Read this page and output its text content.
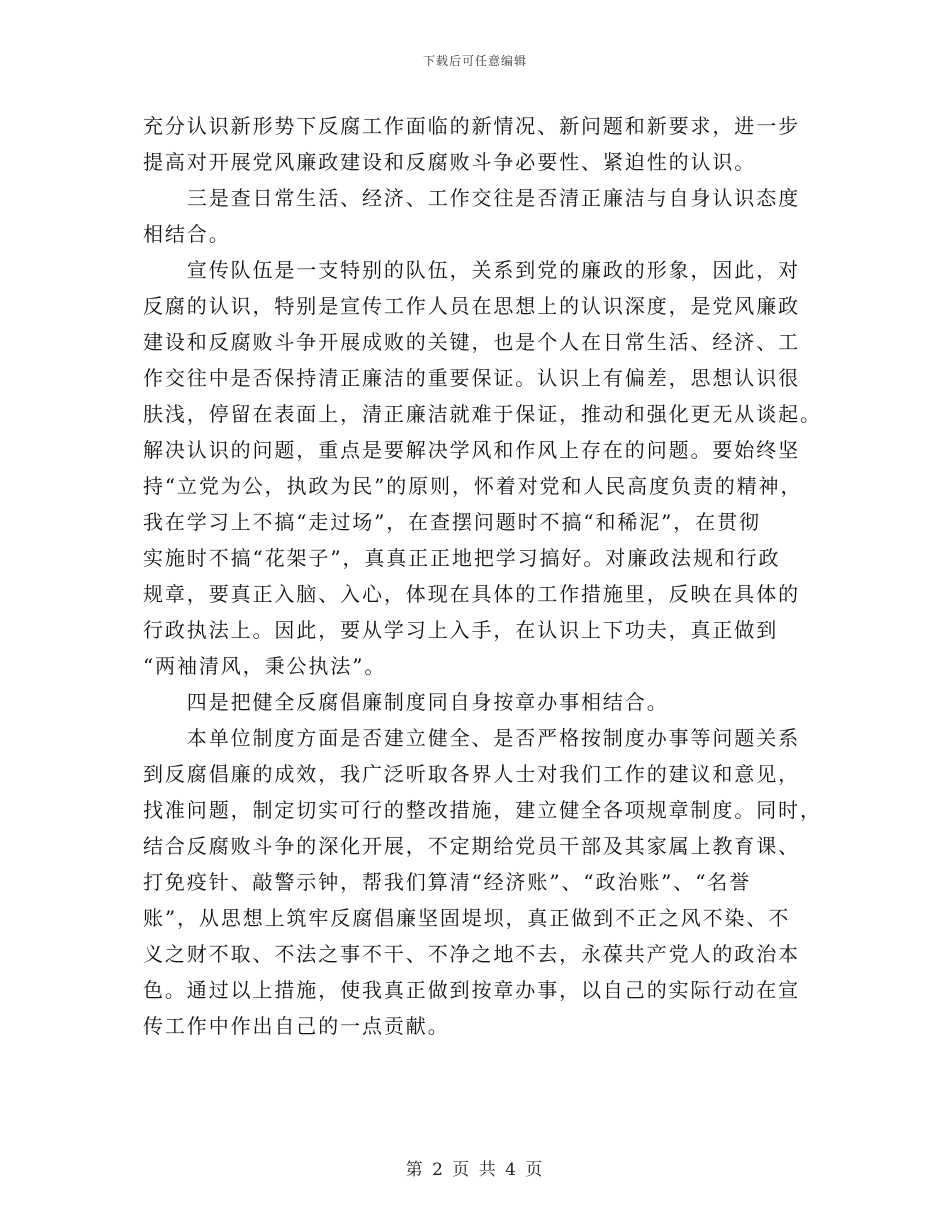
下载后可任意编辑
充分认识新形势下反腐工作面临的新情况、新问题和新要求，进一步
提高对开展党风廉政建设和反腐败斗争必要性、紧迫性的认识。
　　三是查日常生活、经济、工作交往是否清正廉洁与自身认识态度
相结合。
　　宣传队伍是一支特别的队伍，关系到党的廉政的形象，因此，对
反腐的认识，特别是宣传工作人员在思想上的认识深度，是党风廉政
建设和反腐败斗争开展成败的关键，也是个人在日常生活、经济、工
作交往中是否保持清正廉洁的重要保证。认识上有偏差，思想认识很
肤浅，停留在表面上，清正廉洁就难于保证，推动和强化更无从谈起。
解决认识的问题，重点是要解决学风和作风上存在的问题。要始终坚
持“立党为公，执政为民”的原则，怀着对党和人民高度负责的精神，
我在学习上不搞“走过场”，在查摆问题时不搞“和稀泥”，在贯彻
实施时不搞“花架子”，真真正正地把学习搞好。对廉政法规和行政
规章，要真正入脑、入心，体现在具体的工作措施里，反映在具体的
行政执法上。因此，要从学习上入手，在认识上下功夫，真正做到
“两袖清风，秉公执法”。
　　四是把健全反腐倡廉制度同自身按章办事相结合。
　　本单位制度方面是否建立健全、是否严格按制度办事等问题关系
到反腐倡廉的成效，我广泛听取各界人士对我们工作的建议和意见，
找准问题，制定切实可行的整改措施，建立健全各项规章制度。同时，
结合反腐败斗争的深化开展，不定期给党员干部及其家属上教育课、
打免疫针、敲警示钟，帮我们算清“经济账”、“政治账”、“名誉
账”，从思想上筑牢反腐倡廉坚固堤坝，真正做到不正之风不染、不
义之财不取、不法之事不干、不净之地不去，永葆共产党人的政治本
色。通过以上措施，使我真正做到按章办事，以自己的实际行动在宣
传工作中作出自己的一点贡献。
第 2 页 共 4 页
